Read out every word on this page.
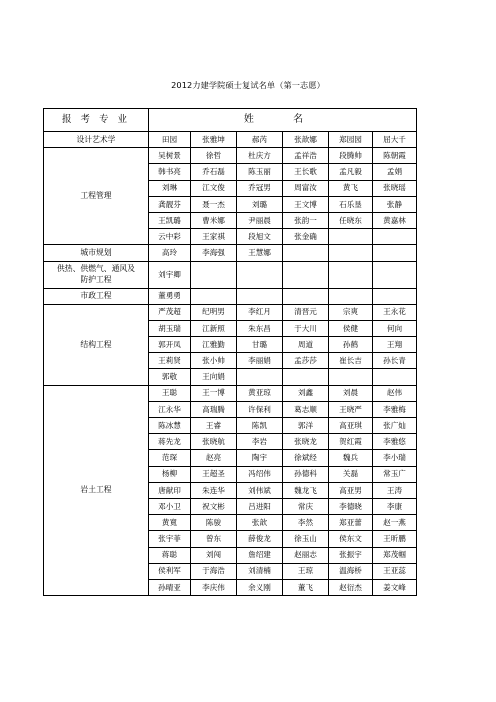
2012力建学院硕士复试名单（第一志愿）
报 考 专 业	姓 名						
设计艺术学	田园	张雅坤	郝芮	张歆娜	郑园园	屈大千	
工程管理	吴树景	徐哲	杜庆方	孟祥浩	段腾帅	陈朝霞	
	韩书亮	乔石磊	陈玉丽	王长歌	孟凡毅	孟娟	
	刘琳	江文俊	乔冠男	周富汝	黄飞	张晓瑶	
	龚靓芬	聂一杰	刘璐	王文博	石乐垦	张静	
	王凯璐	曹米娜	尹丽晨	张韵一	任晓东	黄嘉林	
	云中彩	王家祺	段旭文	张金确			
城市规划	高玲	李海强	王慧娜				

供热、供燃气、通风及
防护工程	刘宇卿						
市政工程	董勇勇						
结构工程	严茂超	纪明男	李红月	清晋元	宗爽	王永花	
	胡玉瑞	江新照	朱东昌	于大川	侯健	何向	
	郭开凤	江雅勤	甘璐	周道	孙鹤	王翔	
	王莉贤	张小帅	李丽娟	孟莎莎	崔长吉	孙长青	
	郭敬	王向娟					
岩土工程	王聪	王一博	黄亚琼	刘鑫	刘晨	赵伟	
	江永华	高瑞腾	许保利	葛志顺	王晓严	李雅梅	
	陈冰慧	王睿	陈凯	郭洋	高亚琪	张广灿	
	蒋先龙	张晓航	李岩	张晓龙	贺红霞	李雅悠	
	范琛	赵亮	陶宇	徐斌经	魏兵	李小瑞	
	杨柳	王超圣	冯绍伟	孙德科	关磊	常玉广	
	唐献印	朱连华	刘伟斌	魏龙飞	高亚男	王涛	
	邓小卫	祝文彬	吕进阳	常庆	李德晓	李康	
	黄寬	陈骏	张歆	李然	郑亚蕾	赵一燕	
	张宇菲	曾东	薛俊龙	徐玉山	侯东文	王昕鹏	
	蒋聪	刘闯	詹绍建	赵丽志	张振宇	郑茂帼	
	侯利军	于海浩	刘清楠	王琼	温海桥	王亚蕊	
	孙晴亚	李庆伟	余义刚	董飞	赵衍杰	姜文峰	
